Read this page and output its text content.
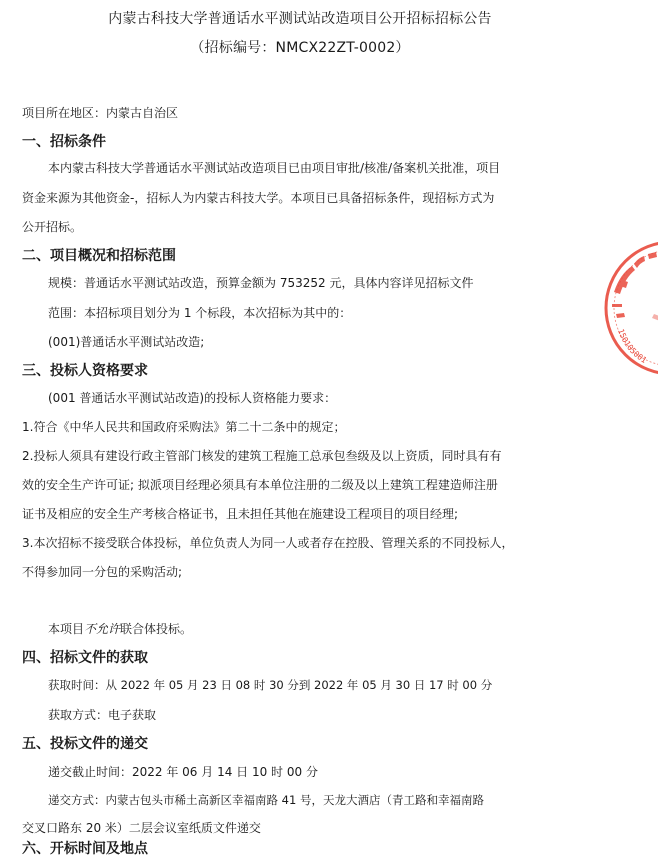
内蒙古科技大学普通话水平测试站改造项目公开招标招标公告
（招标编号：NMCX22ZT-0002）
项目所在地区：内蒙古自治区
一、招标条件
本内蒙古科技大学普通话水平测试站改造项目已由项目审批/核准/备案机关批准，项目
资金来源为其他资金-，招标人为内蒙古科技大学。本项目已具备招标条件，现招标方式为
公开招标。
二、项目概况和招标范围
规模：普通话水平测试站改造，预算金额为 753252 元，具体内容详见招标文件
范围：本招标项目划分为 1 个标段，本次招标为其中的：
(001)普通话水平测试站改造;
三、投标人资格要求
(001 普通话水平测试站改造)的投标人资格能力要求：
1.符合《中华人民共和国政府采购法》第二十二条中的规定；
2.投标人须具有建设行政主管部门核发的建筑工程施工总承包叁级及以上资质，同时具有有
效的安全生产许可证; 拟派项目经理必须具有本单位注册的二级及以上建筑工程建造师注册
证书及相应的安全生产考核合格证书，且未担任其他在施建设工程项目的项目经理;
3.本次招标不接受联合体投标，单位负责人为同一人或者存在控股、管理关系的不同投标人，
不得参加同一分包的采购活动;
本项目不允许联合体投标。
四、招标文件的获取
获取时间：从 2022 年 05 月 23 日 08 时 30 分到 2022 年 05 月 30 日 17 时 00 分
获取方式：电子获取
五、投标文件的递交
递交截止时间：2022 年 06 月 14 日 10 时 00 分
递交方式：内蒙古包头市稀土高新区幸福南路 41 号，天龙大酒店（青工路和幸福南路
交叉口路东 20 米）二层会议室纸质文件递交
六、开标时间及地点
150105001
